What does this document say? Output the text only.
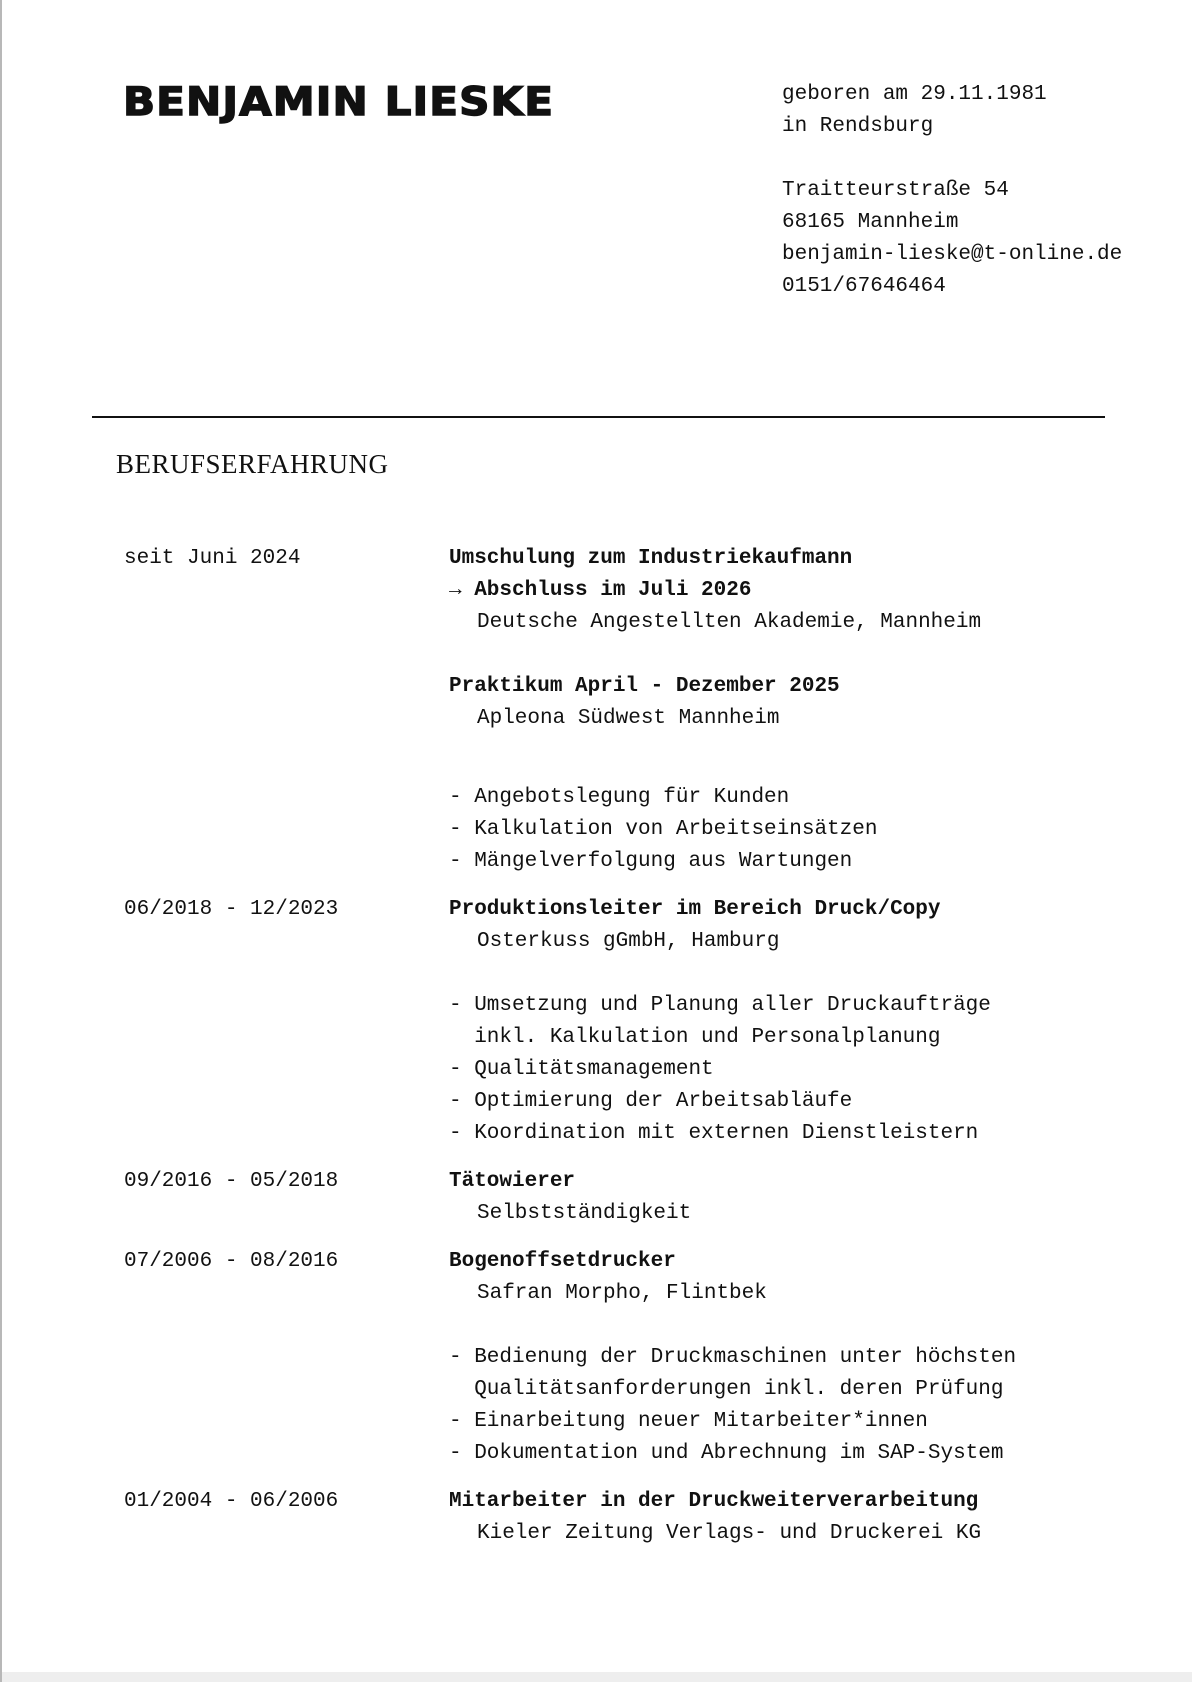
BENJAMIN LIESKE	geboren am 29.11.1981
in Rendsburg
Traitteurstraße 54
68165 Mannheim
benjamin-lieske@t-online.de
0151/67646464
BERUFSERFAHRUNG
seit Juni 2024	Umschulung zum Industriekaufmann
→ Abschluss im Juli 2026
Deutsche Angestellten Akademie, Mannheim
Praktikum April - Dezember 2025
Apleona Südwest Mannheim
- Angebotslegung für Kunden
- Kalkulation von Arbeitseinsätzen
- Mängelverfolgung aus Wartungen
06/2018 - 12/2023	Produktionsleiter im Bereich Druck/Copy
Osterkuss gGmbH, Hamburg
- Umsetzung und Planung aller Druckaufträge
inkl. Kalkulation und Personalplanung
- Qualitätsmanagement
- Optimierung der Arbeitsabläufe
- Koordination mit externen Dienstleistern
09/2016 - 05/2018	Tätowierer
Selbstständigkeit
07/2006 - 08/2016	Bogenoffsetdrucker
Safran Morpho, Flintbek
- Bedienung der Druckmaschinen unter höchsten
Qualitätsanforderungen inkl. deren Prüfung
- Einarbeitung neuer Mitarbeiter*innen
- Dokumentation und Abrechnung im SAP-System
01/2004 - 06/2006	Mitarbeiter in der Druckweiterverarbeitung
Kieler Zeitung Verlags- und Druckerei KG
